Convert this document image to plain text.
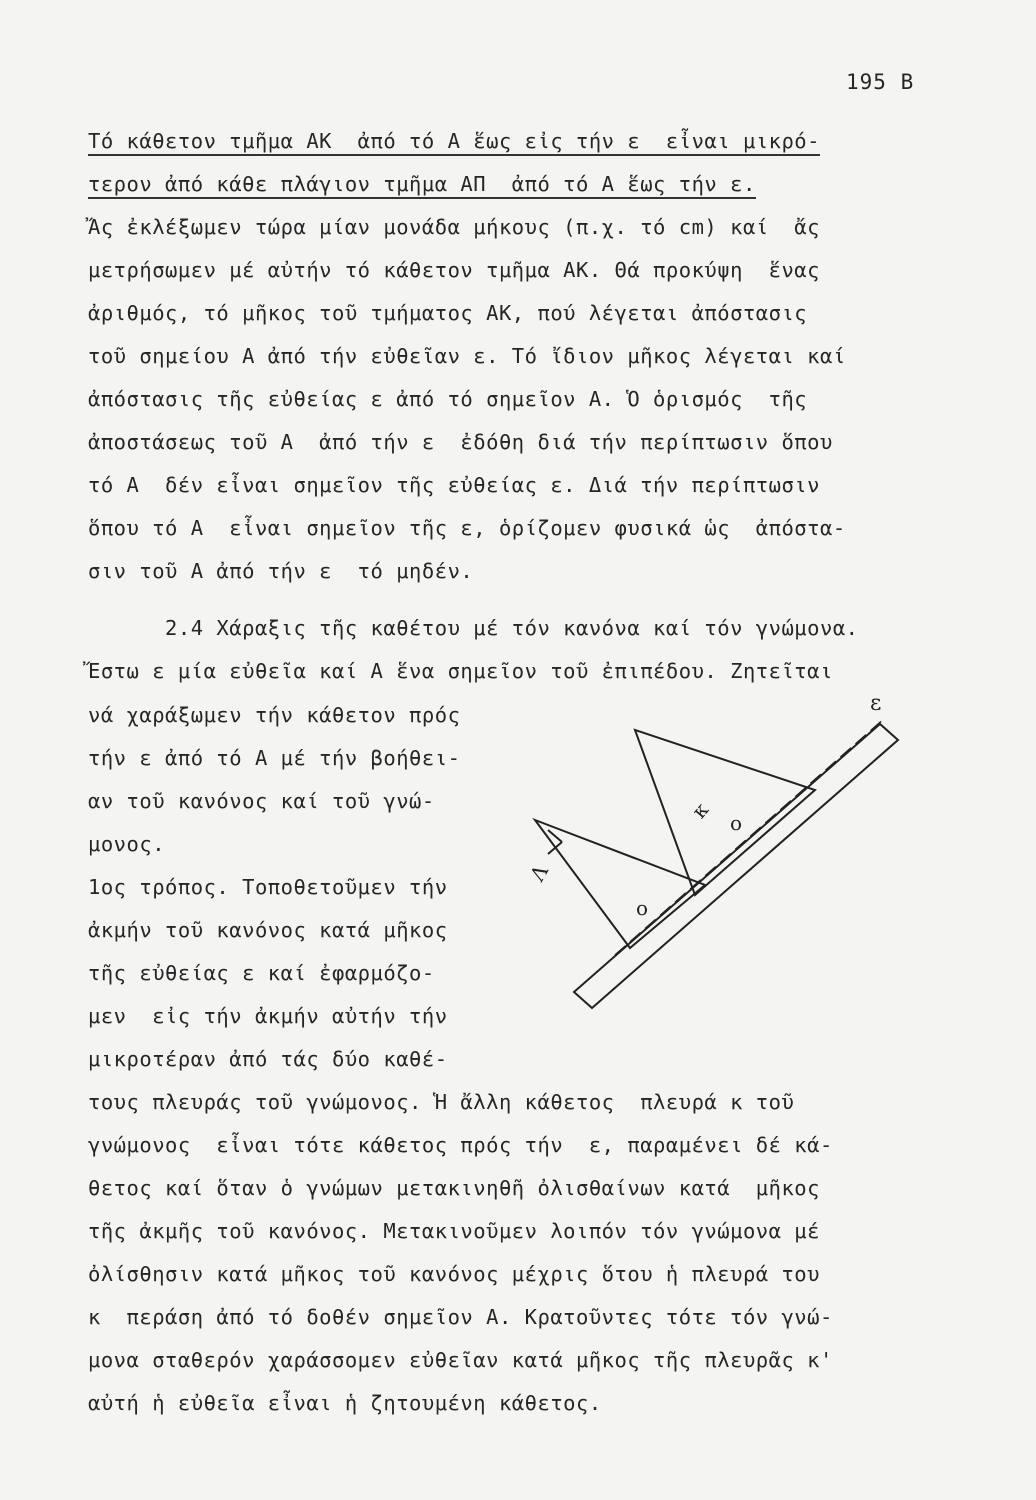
195 B
Τό κάθετον τμῆμα ΑΚ  ἀπό τό Α ἕως εἰς τήν ε  εἶναι μικρό-
τερον ἀπό κάθε πλάγιον τμῆμα ΑΠ  ἀπό τό Α ἕως τήν ε.
Ἄς ἐκλέξωμεν τώρα μίαν μονάδα μήκους (π.χ. τό cm) καί  ἄς
μετρήσωμεν μέ αὐτήν τό κάθετον τμῆμα ΑΚ. Θά προκύψη  ἕνας
ἀριθμός, τό μῆκος τοῦ τμήματος ΑΚ, πού λέγεται ἀπόστασις
τοῦ σημείου Α ἀπό τήν εὐθεῖαν ε. Τό ἴδιον μῆκος λέγεται καί
ἀπόστασις τῆς εὐθείας ε ἀπό τό σημεῖον Α. Ὁ ὁρισμός  τῆς
ἀποστάσεως τοῦ Α  ἀπό τήν ε  ἐδόθη διά τήν περίπτωσιν ὅπου
τό Α  δέν εἶναι σημεῖον τῆς εὐθείας ε. Διά τήν περίπτωσιν
ὅπου τό Α  εἶναι σημεῖον τῆς ε, ὁρίζομεν φυσικά ὡς  ἀπόστα-
σιν τοῦ Α ἀπό τήν ε  τό μηδέν.
2.4 Χάραξις τῆς καθέτου μέ τόν κανόνα καί τόν γνώμονα.
Ἔστω ε μία εὐθεῖα καί Α ἕνα σημεῖον τοῦ ἐπιπέδου. Ζητεῖται
νά χαράξωμεν τήν κάθετον πρός
τήν ε ἀπό τό Α μέ τήν βοήθει-
αν τοῦ κανόνος καί τοῦ γνώ-
μονος.
1ος τρόπος. Τοποθετοῦμεν τήν
ἀκμήν τοῦ κανόνος κατά μῆκος
τῆς εὐθείας ε καί ἐφαρμόζο-
μεν  εἰς τήν ἀκμήν αὐτήν τήν
μικροτέραν ἀπό τάς δύο καθέ-
τους πλευράς τοῦ γνώμονος. Ἡ ἄλλη κάθετος  πλευρά κ τοῦ
γνώμονος  εἶναι τότε κάθετος πρός τήν  ε, παραμένει δέ κά-
θετος καί ὅταν ὁ γνώμων μετακινηθῆ ὀλισθαίνων κατά  μῆκος
τῆς ἀκμῆς τοῦ κανόνος. Μετακινοῦμεν λοιπόν τόν γνώμονα μέ
ὀλίσθησιν κατά μῆκος τοῦ κανόνος μέχρις ὅτου ἡ πλευρά του
κ  περάση ἀπό τό δοθέν σημεῖον Α. Κρατοῦντες τότε τόν γνώ-
μονα σταθερόν χαράσσομεν εὐθεῖαν κατά μῆκος τῆς πλευρᾶς κ'
αὐτή ἡ εὐθεῖα εἶναι ἡ ζητουμένη κάθετος.
ε
κ
Λ
ο
ο
